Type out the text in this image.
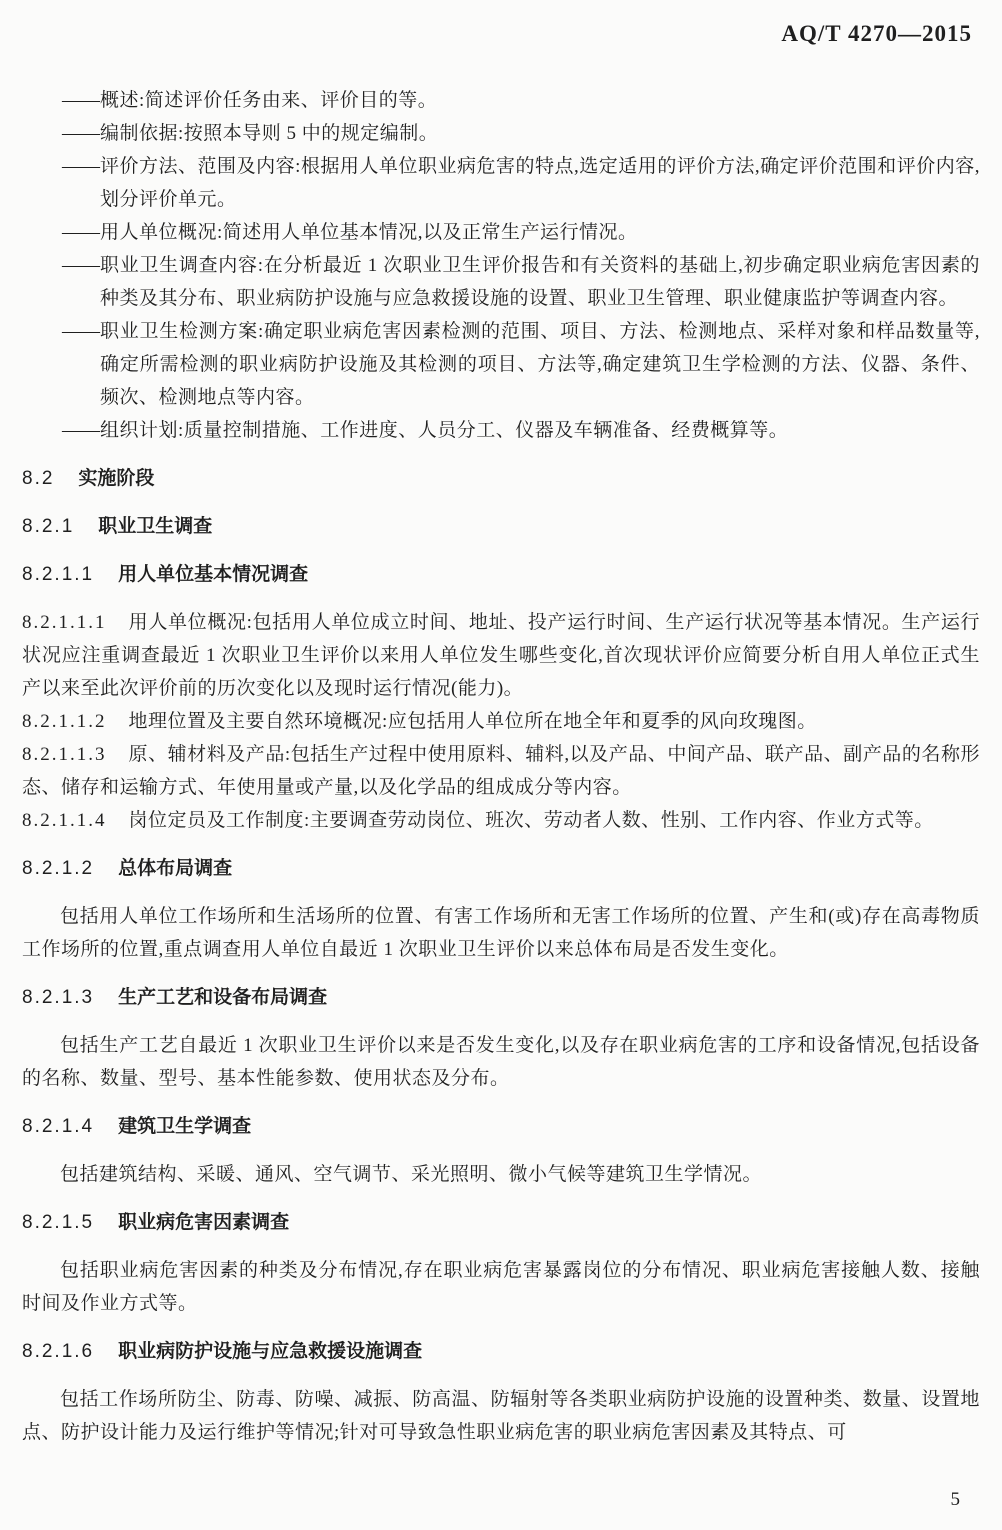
AQ/T 4270—2015
—— 概述:简述评价任务由来、评价目的等。
—— 编制依据:按照本导则 5 中的规定编制。
—— 评价方法、范围及内容:根据用人单位职业病危害的特点,选定适用的评价方法,确定评价范围和评价内容,划分评价单元。
—— 用人单位概况:简述用人单位基本情况,以及正常生产运行情况。
—— 职业卫生调查内容:在分析最近 1 次职业卫生评价报告和有关资料的基础上,初步确定职业病危害因素的种类及其分布、职业病防护设施与应急救援设施的设置、职业卫生管理、职业健康监护等调查内容。
—— 职业卫生检测方案:确定职业病危害因素检测的范围、项目、方法、检测地点、采样对象和样品数量等,确定所需检测的职业病防护设施及其检测的项目、方法等,确定建筑卫生学检测的方法、仪器、条件、频次、检测地点等内容。
—— 组织计划:质量控制措施、工作进度、人员分工、仪器及车辆准备、经费概算等。
8.2 实施阶段
8.2.1 职业卫生调查
8.2.1.1 用人单位基本情况调查

8.2.1.1.1 用人单位概况:包括用人单位成立时间、地址、投产运行时间、生产运行状况等基本情况。生产运行状况应注重调查最近 1 次职业卫生评价以来用人单位发生哪些变化,首次现状评价应简要分析自用人单位正式生产以来至此次评价前的历次变化以及现时运行情况(能力)。

8.2.1.1.2 地理位置及主要自然环境概况:应包括用人单位所在地全年和夏季的风向玫瑰图。

8.2.1.1.3 原、辅材料及产品:包括生产过程中使用原料、辅料,以及产品、中间产品、联产品、副产品的名称形态、储存和运输方式、年使用量或产量,以及化学品的组成成分等内容。

8.2.1.1.4 岗位定员及工作制度:主要调查劳动岗位、班次、劳动者人数、性别、工作内容、作业方式等。

8.2.1.2 总体布局调查

包括用人单位工作场所和生活场所的位置、有害工作场所和无害工作场所的位置、产生和(或)存在高毒物质工作场所的位置,重点调查用人单位自最近 1 次职业卫生评价以来总体布局是否发生变化。

8.2.1.3 生产工艺和设备布局调查

包括生产工艺自最近 1 次职业卫生评价以来是否发生变化,以及存在职业病危害的工序和设备情况,包括设备的名称、数量、型号、基本性能参数、使用状态及分布。

8.2.1.4 建筑卫生学调查

包括建筑结构、采暖、通风、空气调节、采光照明、微小气候等建筑卫生学情况。

8.2.1.5 职业病危害因素调查

包括职业病危害因素的种类及分布情况,存在职业病危害暴露岗位的分布情况、职业病危害接触人数、接触时间及作业方式等。

8.2.1.6 职业病防护设施与应急救援设施调查

包括工作场所防尘、防毒、防噪、减振、防高温、防辐射等各类职业病防护设施的设置种类、数量、设置地点、防护设计能力及运行维护等情况;针对可导致急性职业病危害的职业病危害因素及其特点、可

5
